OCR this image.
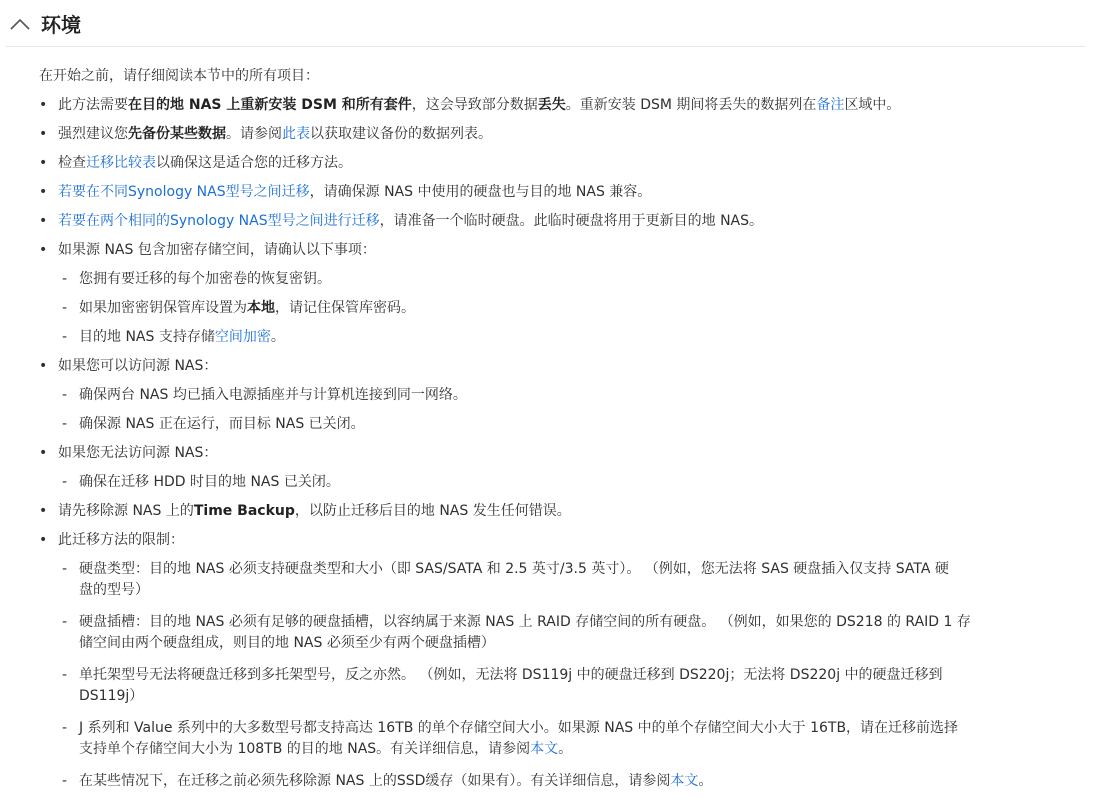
环境
在开始之前，请仔细阅读本节中的所有项目：
• 此方法需要在目的地 NAS 上重新安装 DSM 和所有套件，这会导致部分数据丢失。重新安装 DSM 期间将丢失的数据列在备注区域中。
• 强烈建议您先备份某些数据。请参阅此表以获取建议备份的数据列表。
• 检查迁移比较表以确保这是适合您的迁移方法。
• 若要在不同Synology NAS型号之间迁移，请确保源 NAS 中使用的硬盘也与目的地 NAS 兼容。
• 若要在两个相同的Synology NAS型号之间进行迁移，请准备一个临时硬盘。此临时硬盘将用于更新目的地 NAS。
• 如果源 NAS 包含加密存储空间，请确认以下事项：
- 您拥有要迁移的每个加密卷的恢复密钥。
- 如果加密密钥保管库设置为本地，请记住保管库密码。
- 目的地 NAS 支持存储空间加密。
• 如果您可以访问源 NAS：
- 确保两台 NAS 均已插入电源插座并与计算机连接到同一网络。
- 确保源 NAS 正在运行，而目标 NAS 已关闭。
• 如果您无法访问源 NAS：
- 确保在迁移 HDD 时目的地 NAS 已关闭。
• 请先移除源 NAS 上的Time Backup，以防止迁移后目的地 NAS 发生任何错误。
• 此迁移方法的限制：
- 硬盘类型：目的地 NAS 必须支持硬盘类型和大小（即 SAS/SATA 和 2.5 英寸/3.5 英寸）。 （例如，您无法将 SAS 硬盘插入仅支持 SATA 硬
盘的型号）
- 硬盘插槽：目的地 NAS 必须有足够的硬盘插槽，以容纳属于来源 NAS 上 RAID 存储空间的所有硬盘。 （例如，如果您的 DS218 的 RAID 1 存
储空间由两个硬盘组成，则目的地 NAS 必须至少有两个硬盘插槽）
- 单托架型号无法将硬盘迁移到多托架型号，反之亦然。 （例如，无法将 DS119j 中的硬盘迁移到 DS220j；无法将 DS220j 中的硬盘迁移到
DS119j）
- J 系列和 Value 系列中的大多数型号都支持高达 16TB 的单个存储空间大小。如果源 NAS 中的单个存储空间大小大于 16TB，请在迁移前选择
支持单个存储空间大小为 108TB 的目的地 NAS。有关详细信息，请参阅本文。
- 在某些情况下，在迁移之前必须先移除源 NAS 上的SSD缓存（如果有）。有关详细信息，请参阅本文。
